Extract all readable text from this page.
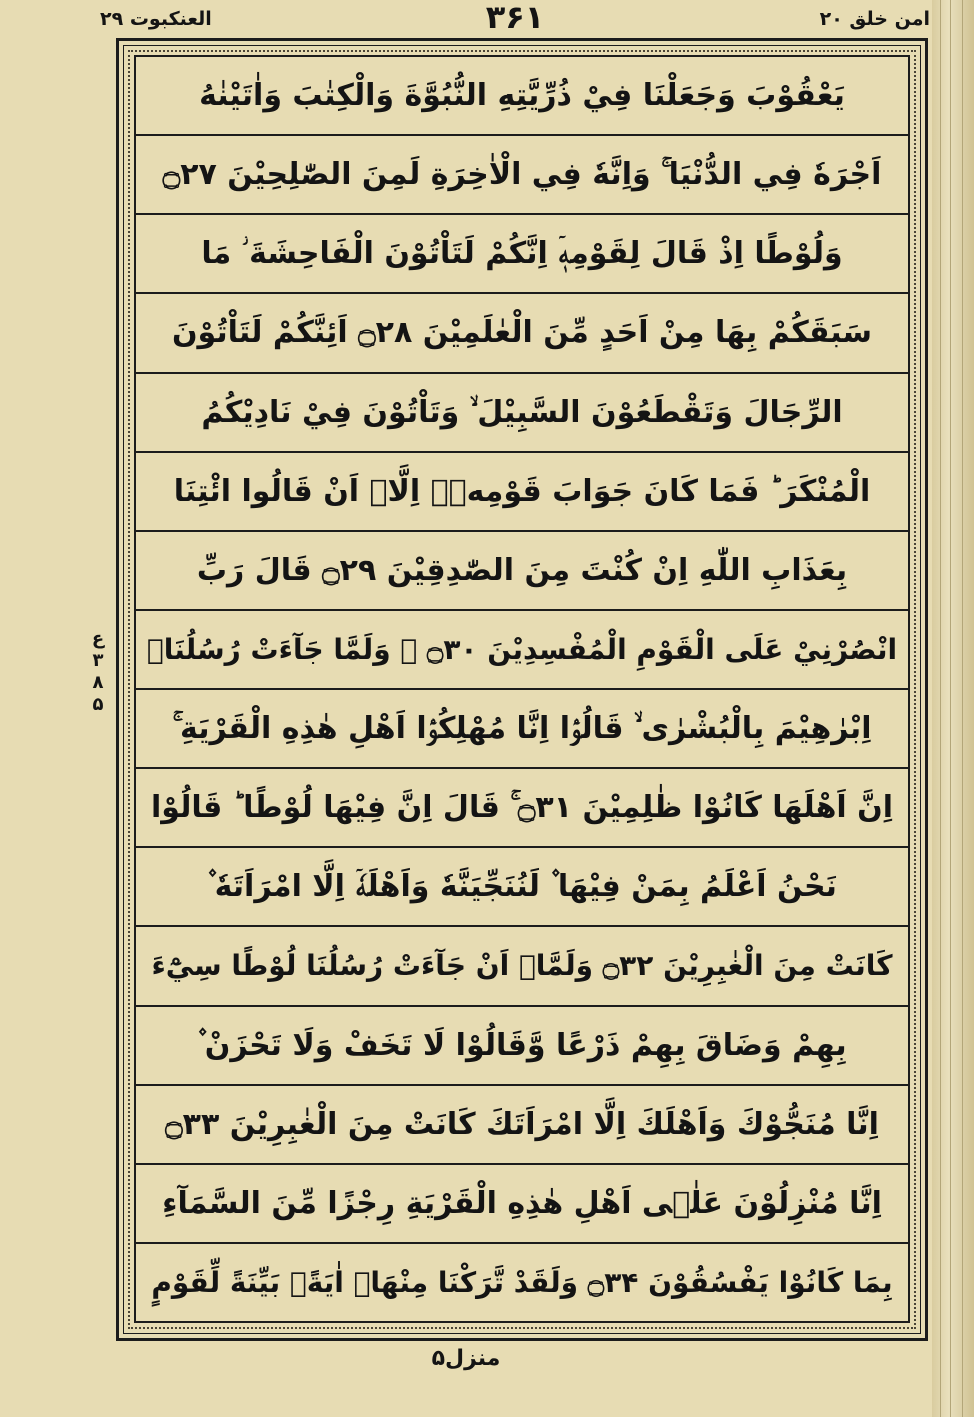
امن خلق ۲۰
۳۶۱
العنکبوت ۲۹
يَعْقُوْبَ وَجَعَلْنَا فِيْ ذُرِّيَّتِهِ النُّبُوَّةَ وَالْكِتٰبَ وَاٰتَيْنٰهُ
اَجْرَهٗ فِي الدُّنْيَا ۚ وَاِنَّهٗ فِي الْاٰخِرَةِ لَمِنَ الصّٰلِحِيْنَ ۝۲۷
وَلُوْطًا اِذْ قَالَ لِقَوْمِهٖۤ اِنَّكُمْ لَتَاْتُوْنَ الْفَاحِشَةَ ؗ مَا
سَبَقَكُمْ بِهَا مِنْ اَحَدٍ مِّنَ الْعٰلَمِيْنَ ۝۲۸ اَئِنَّكُمْ لَتَاْتُوْنَ
الرِّجَالَ وَتَقْطَعُوْنَ السَّبِيْلَ ۙ وَتَاْتُوْنَ فِيْ نَادِيْكُمُ
الْمُنْكَرَ ؕ فَمَا كَانَ جَوَابَ قَوْمِهٖۤ اِلَّاۤ اَنْ قَالُوا ائْتِنَا
بِعَذَابِ اللّٰهِ اِنْ كُنْتَ مِنَ الصّٰدِقِيْنَ ۝۲۹ قَالَ رَبِّ
انْصُرْنِيْ عَلَى الْقَوْمِ الْمُفْسِدِيْنَ ۝۳۰ ۧ وَلَمَّا جَآءَتْ رُسُلُنَاۤ
اِبْرٰهِيْمَ بِالْبُشْرٰى ۙ قَالُوْۤا اِنَّا مُهْلِكُوْۤا اَهْلِ هٰذِهِ الْقَرْيَةِ ۚ
اِنَّ اَهْلَهَا كَانُوْا ظٰلِمِيْنَ ۝۳۱ ۚ قَالَ اِنَّ فِيْهَا لُوْطًا ؕ قَالُوْا
نَحْنُ اَعْلَمُ بِمَنْ فِيْهَا ۫ لَنُنَجِّيَنَّهٗ وَاَهْلَهٗۤ اِلَّا امْرَاَتَهٗ ۫
كَانَتْ مِنَ الْغٰبِرِيْنَ ۝۳۲ وَلَمَّاۤ اَنْ جَآءَتْ رُسُلُنَا لُوْطًا سِيْٓءَ
بِهِمْ وَضَاقَ بِهِمْ ذَرْعًا وَّقَالُوْا لَا تَخَفْ وَلَا تَحْزَنْ ۫
اِنَّا مُنَجُّوْكَ وَاَهْلَكَ اِلَّا امْرَاَتَكَ كَانَتْ مِنَ الْغٰبِرِيْنَ ۝۳۳
اِنَّا مُنْزِلُوْنَ عَلٰۤى اَهْلِ هٰذِهِ الْقَرْيَةِ رِجْزًا مِّنَ السَّمَآءِ
بِمَا كَانُوْا يَفْسُقُوْنَ ۝۳۴ وَلَقَدْ تَّرَكْنَا مِنْهَاۤ اٰيَةًۢ بَيِّنَةً لِّقَوْمٍ
ع
۳
۸
۵
منزل۵
